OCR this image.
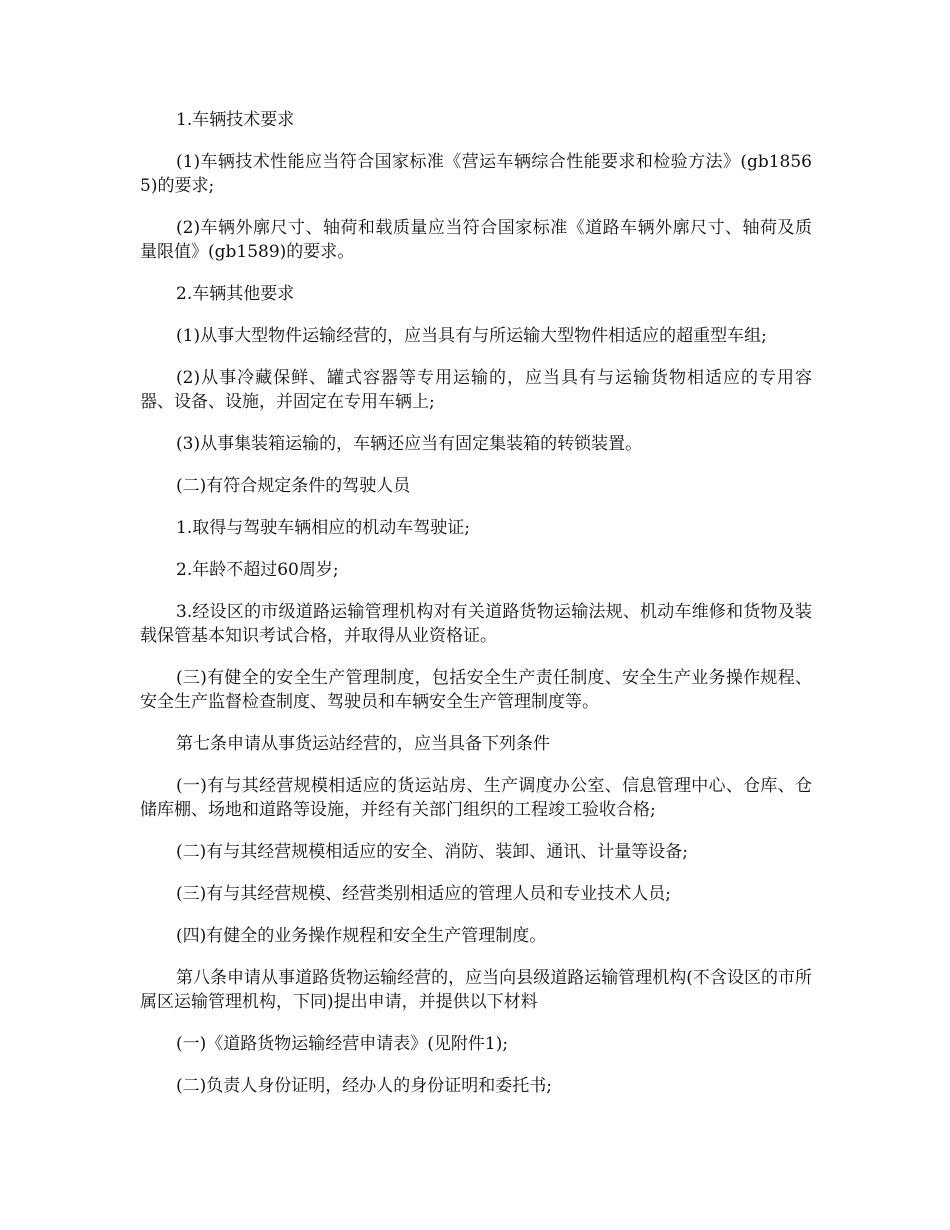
1.车辆技术要求

(1)车辆技术性能应当符合国家标准《营运车辆综合性能要求和检验方法》(gb18565)的要求;

(2)车辆外廓尺寸、轴荷和载质量应当符合国家标准《道路车辆外廓尺寸、轴荷及质量限值》(gb1589)的要求。

2.车辆其他要求

(1)从事大型物件运输经营的，应当具有与所运输大型物件相适应的超重型车组;

(2)从事冷藏保鲜、罐式容器等专用运输的，应当具有与运输货物相适应的专用容器、设备、设施，并固定在专用车辆上;

(3)从事集装箱运输的，车辆还应当有固定集装箱的转锁装置。

(二)有符合规定条件的驾驶人员

1.取得与驾驶车辆相应的机动车驾驶证;

2.年龄不超过60周岁;

3.经设区的市级道路运输管理机构对有关道路货物运输法规、机动车维修和货物及装载保管基本知识考试合格，并取得从业资格证。

(三)有健全的安全生产管理制度，包括安全生产责任制度、安全生产业务操作规程、安全生产监督检查制度、驾驶员和车辆安全生产管理制度等。

第七条申请从事货运站经营的，应当具备下列条件

(一)有与其经营规模相适应的货运站房、生产调度办公室、信息管理中心、仓库、仓储库棚、场地和道路等设施，并经有关部门组织的工程竣工验收合格;

(二)有与其经营规模相适应的安全、消防、装卸、通讯、计量等设备;

(三)有与其经营规模、经营类别相适应的管理人员和专业技术人员;

(四)有健全的业务操作规程和安全生产管理制度。

第八条申请从事道路货物运输经营的，应当向县级道路运输管理机构(不含设区的市所属区运输管理机构，下同)提出申请，并提供以下材料

(一)《道路货物运输经营申请表》(见附件1);

(二)负责人身份证明，经办人的身份证明和委托书;
